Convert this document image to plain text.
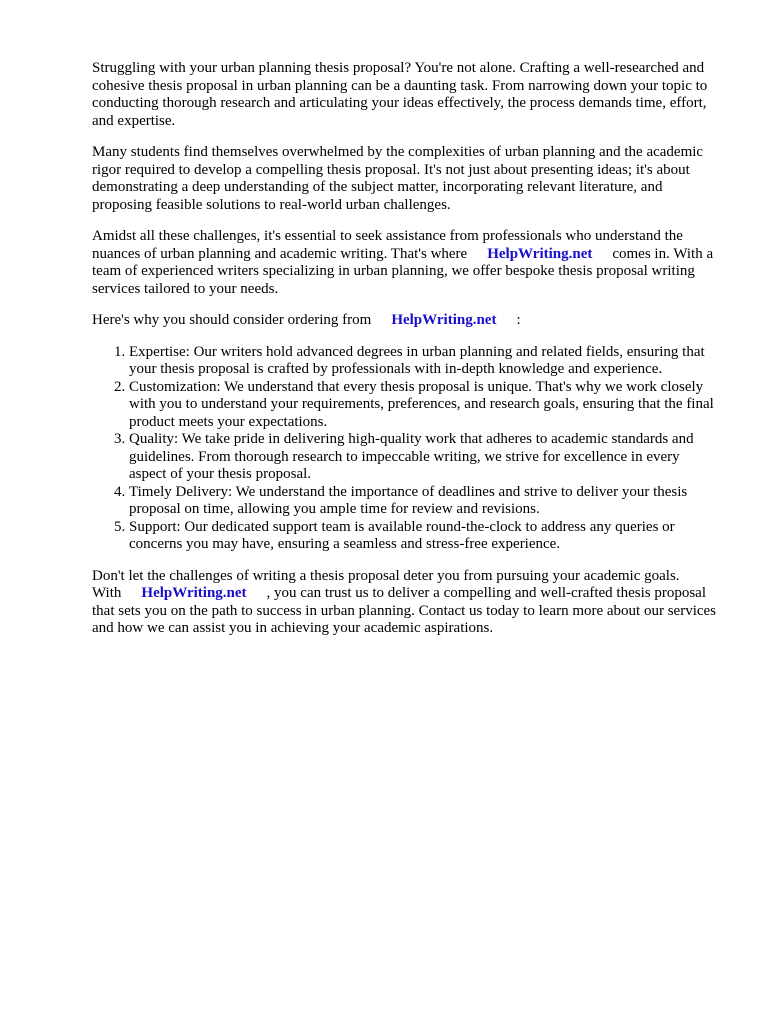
Struggling with your urban planning thesis proposal? You're not alone. Crafting a well-researched and cohesive thesis proposal in urban planning can be a daunting task. From narrowing down your topic to conducting thorough research and articulating your ideas effectively, the process demands time, effort, and expertise.

Many students find themselves overwhelmed by the complexities of urban planning and the academic rigor required to develop a compelling thesis proposal. It's not just about presenting ideas; it's about demonstrating a deep understanding of the subject matter, incorporating relevant literature, and proposing feasible solutions to real-world urban challenges.

Amidst all these challenges, it's essential to seek assistance from professionals who understand the nuances of urban planning and academic writing. That's where HelpWriting.net comes in. With a team of experienced writers specializing in urban planning, we offer bespoke thesis proposal writing services tailored to your needs.

Here's why you should consider ordering from HelpWriting.net :

1. Expertise: Our writers hold advanced degrees in urban planning and related fields, ensuring that your thesis proposal is crafted by professionals with in-depth knowledge and experience.
2. Customization: We understand that every thesis proposal is unique. That's why we work closely with you to understand your requirements, preferences, and research goals, ensuring that the final product meets your expectations.
3. Quality: We take pride in delivering high-quality work that adheres to academic standards and guidelines. From thorough research to impeccable writing, we strive for excellence in every aspect of your thesis proposal.
4. Timely Delivery: We understand the importance of deadlines and strive to deliver your thesis proposal on time, allowing you ample time for review and revisions.
5. Support: Our dedicated support team is available round-the-clock to address any queries or concerns you may have, ensuring a seamless and stress-free experience.

Don't let the challenges of writing a thesis proposal deter you from pursuing your academic goals. With HelpWriting.net , you can trust us to deliver a compelling and well-crafted thesis proposal that sets you on the path to success in urban planning. Contact us today to learn more about our services and how we can assist you in achieving your academic aspirations.
